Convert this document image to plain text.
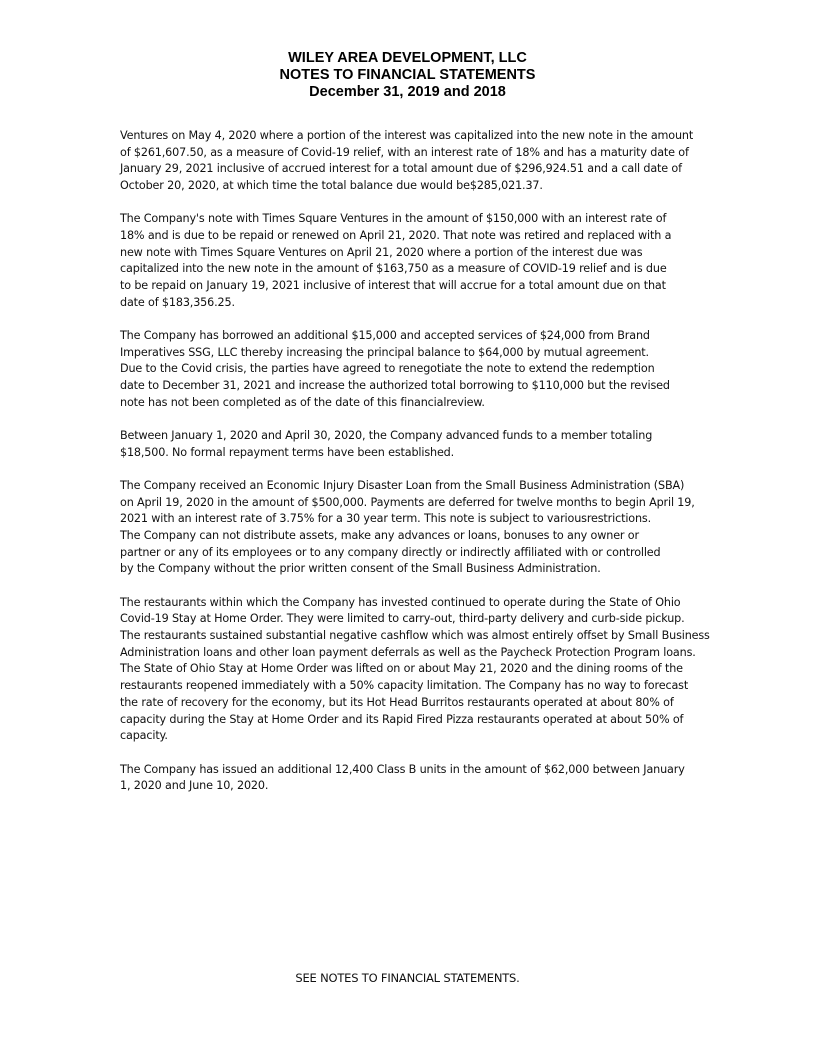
WILEY AREA DEVELOPMENT, LLC
NOTES TO FINANCIAL STATEMENTS
December 31, 2019 and 2018
Ventures on May 4, 2020 where a portion of the interest was capitalized into the new note in the amount
of $261,607.50, as a measure of Covid-19 relief, with an interest rate of 18% and has a maturity date of
January 29, 2021 inclusive of accrued interest for a total amount due of $296,924.51 and a call date of
October 20, 2020, at which time the total balance due would be$285,021.37.
The Company's note with Times Square Ventures in the amount of $150,000 with an interest rate of
18% and is due to be repaid or renewed on April 21, 2020. That note was retired and replaced with a
new note with Times Square Ventures on April 21, 2020 where a portion of the interest due was
capitalized into the new note in the amount of $163,750 as a measure of COVID-19 relief and is due
to be repaid on January 19, 2021 inclusive of interest that will accrue for a total amount due on that
date of $183,356.25.
The Company has borrowed an additional $15,000 and accepted services of $24,000 from Brand
Imperatives SSG, LLC thereby increasing the principal balance to $64,000 by mutual agreement.
Due to the Covid crisis, the parties have agreed to renegotiate the note to extend the redemption
date to December 31, 2021 and increase the authorized total borrowing to $110,000 but the revised
note has not been completed as of the date of this financialreview.
Between January 1, 2020 and April 30, 2020, the Company advanced funds to a member totaling
$18,500. No formal repayment terms have been established.
The Company received an Economic Injury Disaster Loan from the Small Business Administration (SBA)
on April 19, 2020 in the amount of $500,000. Payments are deferred for twelve months to begin April 19,
2021 with an interest rate of 3.75% for a 30 year term. This note is subject to variousrestrictions.
The Company can not distribute assets, make any advances or loans, bonuses to any owner or
partner or any of its employees or to any company directly or indirectly affiliated with or controlled
by the Company without the prior written consent of the Small Business Administration.
The restaurants within which the Company has invested continued to operate during the State of Ohio
Covid-19 Stay at Home Order. They were limited to carry-out, third-party delivery and curb-side pickup.
The restaurants sustained substantial negative cashflow which was almost entirely offset by Small Business
Administration loans and other loan payment deferrals as well as the Paycheck Protection Program loans.
The State of Ohio Stay at Home Order was lifted on or about May 21, 2020 and the dining rooms of the
restaurants reopened immediately with a 50% capacity limitation. The Company has no way to forecast
the rate of recovery for the economy, but its Hot Head Burritos restaurants operated at about 80% of
capacity during the Stay at Home Order and its Rapid Fired Pizza restaurants operated at about 50% of
capacity.
The Company has issued an additional 12,400 Class B units in the amount of $62,000 between January
1, 2020 and June 10, 2020.
SEE NOTES TO FINANCIAL STATEMENTS.
